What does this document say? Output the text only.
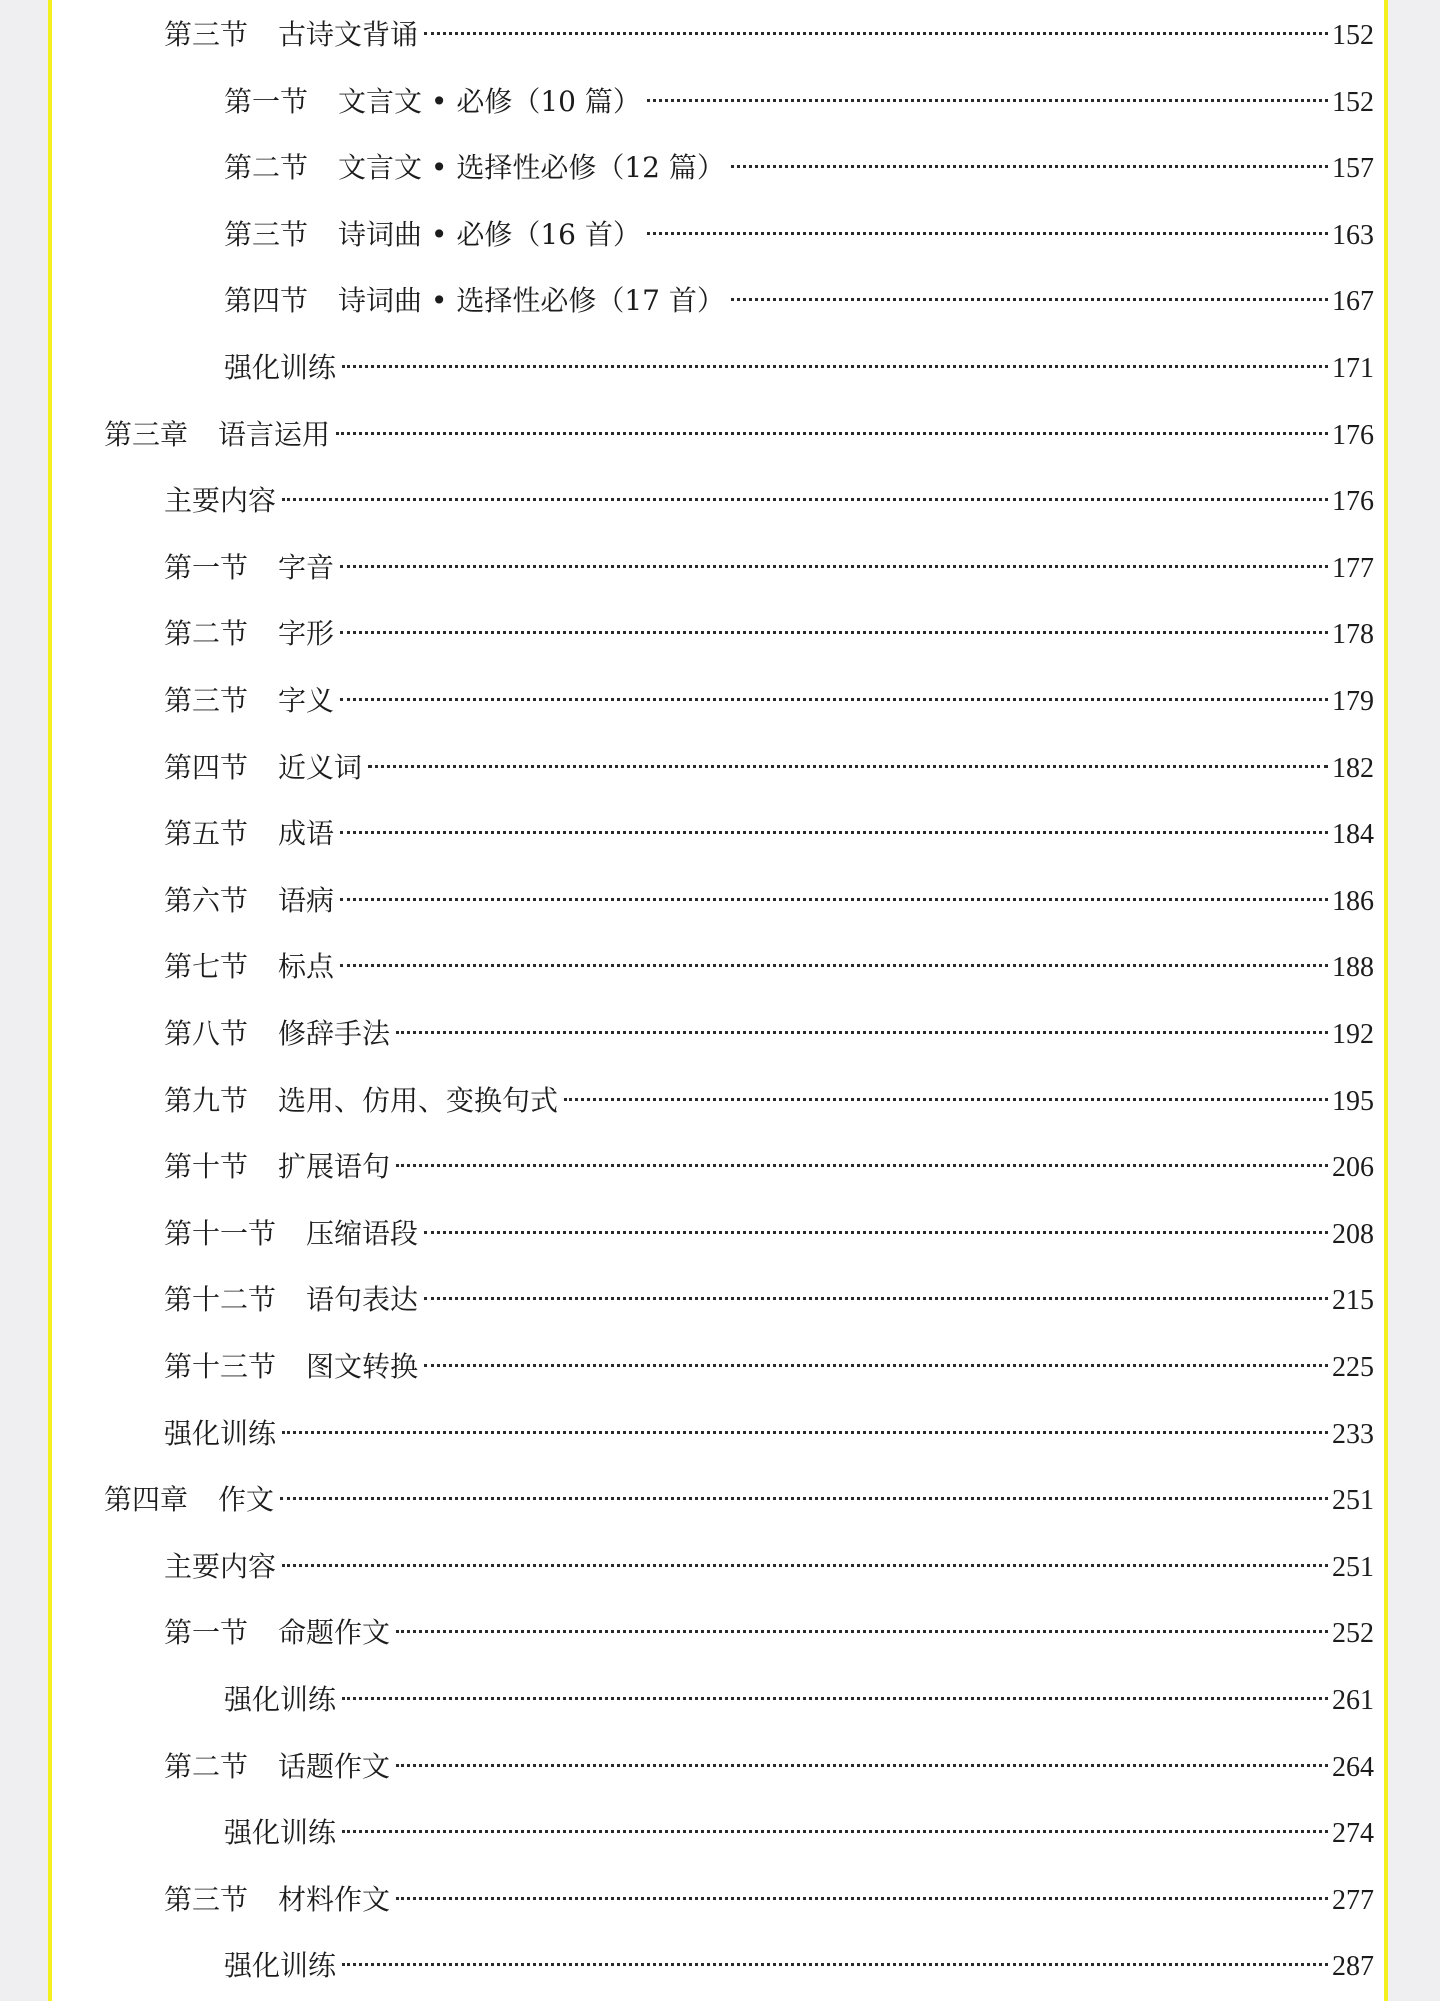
第三节 古诗文背诵	152
第一节 文言文 • 必修（10 篇）	152
第二节 文言文 • 选择性必修（12 篇）	157
第三节 诗词曲 • 必修（16 首）	163
第四节 诗词曲 • 选择性必修（17 首）	167
强化训练	171
第三章 语言运用	176
主要内容	176
第一节 字音	177
第二节 字形	178
第三节 字义	179
第四节 近义词	182
第五节 成语	184
第六节 语病	186
第七节 标点	188
第八节 修辞手法	192
第九节 选用、仿用、变换句式	195
第十节 扩展语句	206
第十一节 压缩语段	208
第十二节 语句表达	215
第十三节 图文转换	225
强化训练	233
第四章 作文	251
主要内容	251
第一节 命题作文	252
强化训练	261
第二节 话题作文	264
强化训练	274
第三节 材料作文	277
强化训练	287
